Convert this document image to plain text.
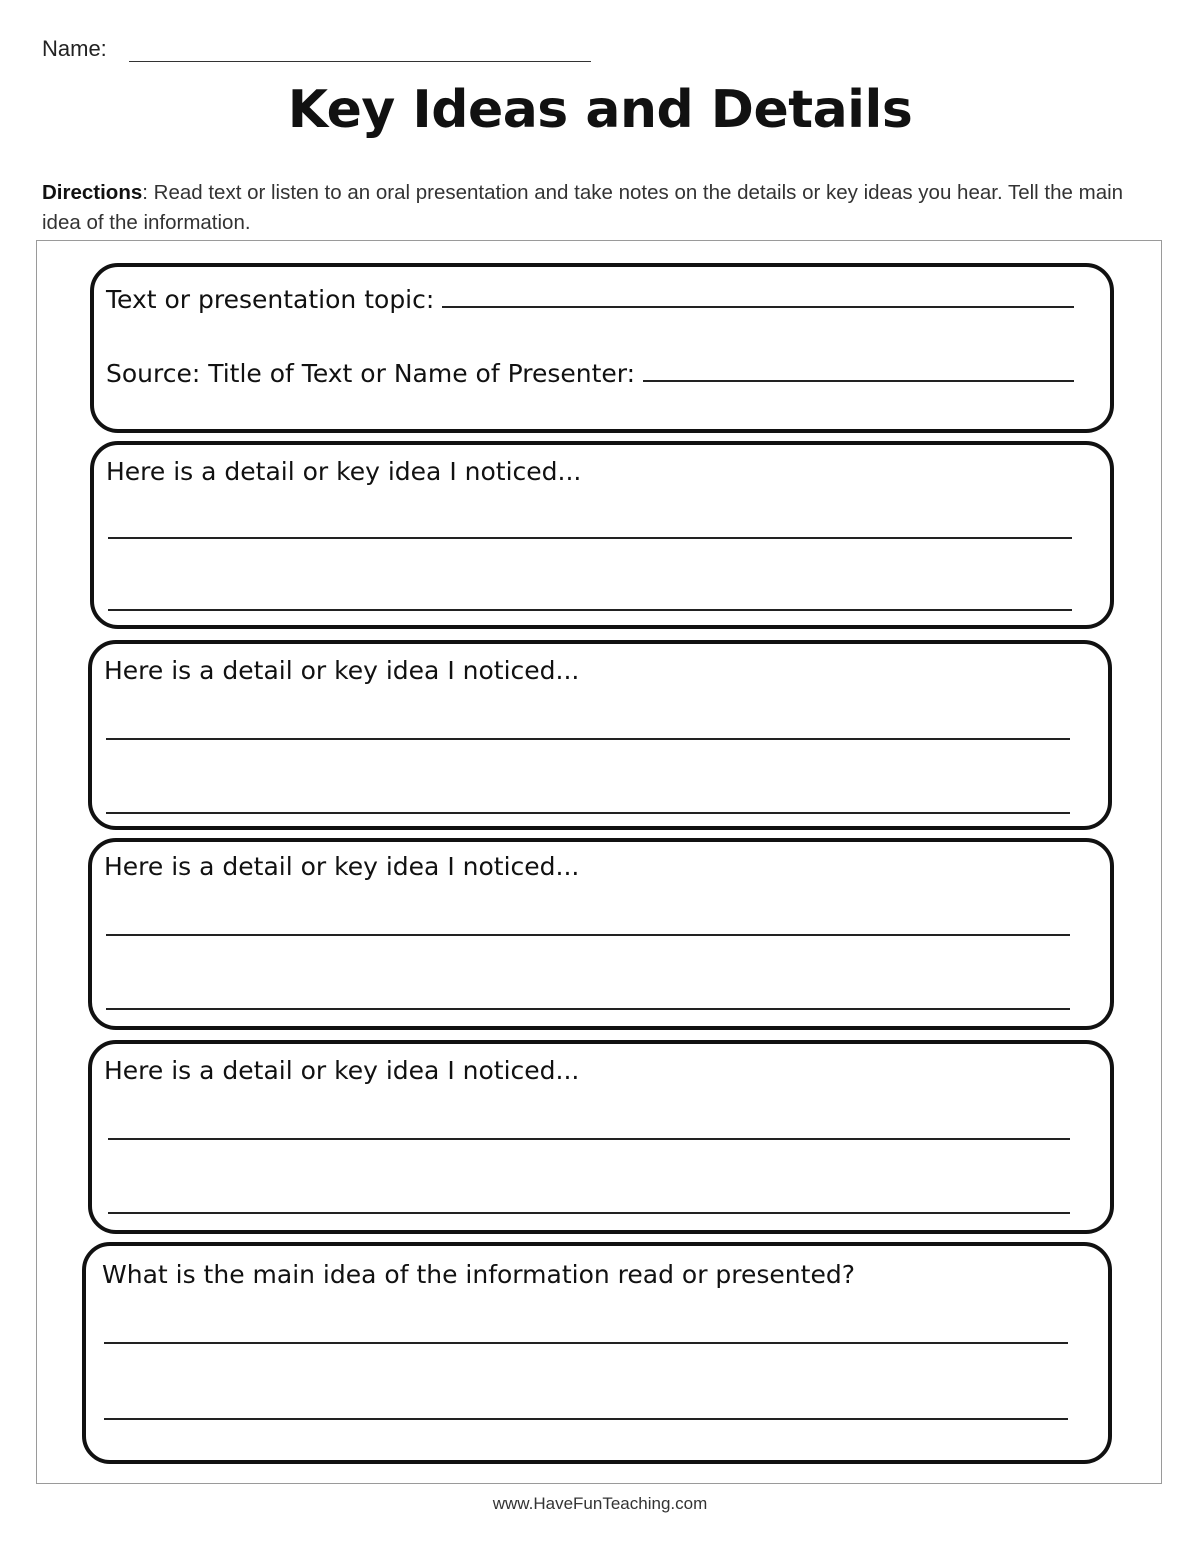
Name:
Key Ideas and Details
Directions: Read text or listen to an oral presentation and take notes on the details or key ideas you hear. Tell the main idea of the information.
Text or presentation topic:
Source: Title of Text or Name of Presenter:
Here is a detail or key idea I noticed...
Here is a detail or key idea I noticed...
Here is a detail or key idea I noticed...
Here is a detail or key idea I noticed...
What is the main idea of the information read or presented?
www.HaveFunTeaching.com
